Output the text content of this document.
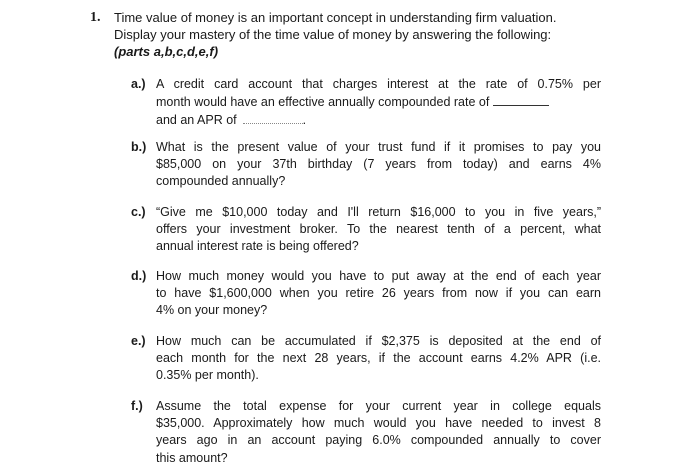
1. Time value of money is an important concept in understanding firm valuation.
Display your mastery of the time value of money by answering the following:
(parts a,b,c,d,e,f)
a.) A credit card account that charges interest at the rate of 0.75% per
month would have an effective annually compounded rate of
and an APR of	.
b.) What is the present value of your trust fund if it promises to pay you
$85,000 on your 37th birthday (7 years from today) and earns 4%
compounded annually?
c.) “Give me $10,000 today and I'll return $16,000 to you in five years,”
offers your investment broker. To the nearest tenth of a percent, what
annual interest rate is being offered?
d.) How much money would you have to put away at the end of each year
to have $1,600,000 when you retire 26 years from now if you can earn
4% on your money?
e.) How much can be accumulated if $2,375 is deposited at the end of
each month for the next 28 years, if the account earns 4.2% APR (i.e.
0.35% per month).
f.) Assume the total expense for your current year in college equals
$35,000. Approximately how much would you have needed to invest 8
years ago in an account paying 6.0% compounded annually to cover
this amount?
